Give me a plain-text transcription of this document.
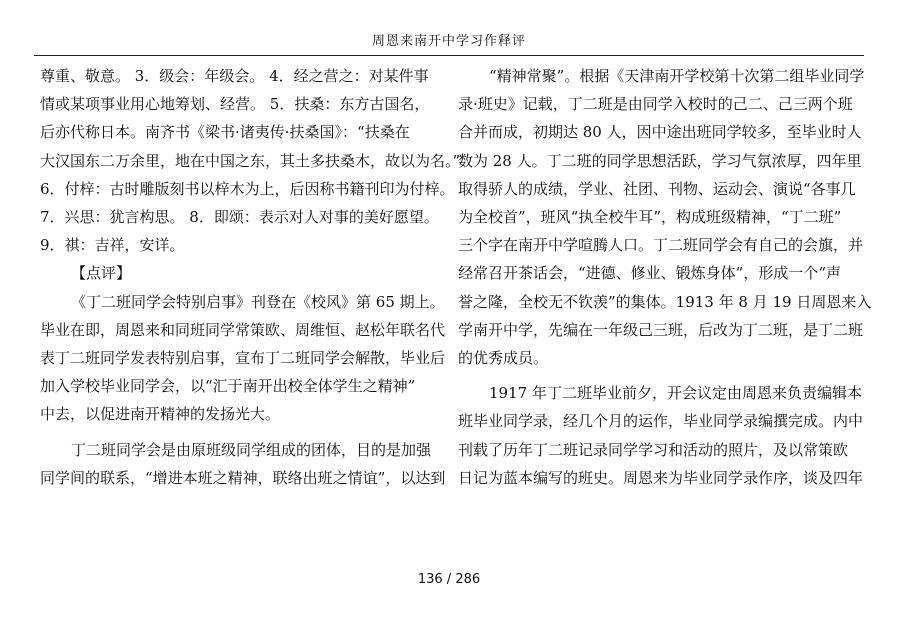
周恩来南开中学习作释评
尊重、敬意。 3．级会：年级会。 4．经之营之：对某件事
情或某项事业用心地筹划、经营。 5．扶桑：东方古国名，
后亦代称日本。南齐书《梁书·诸夷传·扶桑国》：“扶桑在
大汉国东二万余里，地在中国之东，其土多扶桑木，故以为名。”
6．付梓：古时雕版刻书以梓木为上，后因称书籍刊印为付梓。
7．兴思：犹言构思。 8．即颂：表示对人对事的美好愿望。
9．祺：吉祥，安详。
【点评】
《丁二班同学会特别启事》刊登在《校风》第 65 期上。
毕业在即，周恩来和同班同学常策欧、周维恒、赵松年联名代
表丁二班同学发表特别启事，宣布丁二班同学会解散，毕业后
加入学校毕业同学会，以“汇于南开出校全体学生之精神”
中去，以促进南开精神的发扬光大。
丁二班同学会是由原班级同学组成的团体，目的是加强
同学间的联系，“增进本班之精神，联络出班之情谊”，以达到
“精神常聚”。根据《天津南开学校第十次第二组毕业同学
录·班史》记载，丁二班是由同学入校时的己二、己三两个班
合并而成，初期达 80 人，因中途出班同学较多，至毕业时人
数为 28 人。丁二班的同学思想活跃，学习气氛浓厚，四年里
取得骄人的成绩，学业、社团、刊物、运动会、演说“各事几
为全校首”，班风“执全校牛耳”，构成班级精神，“丁二班”
三个字在南开中学喧腾人口。丁二班同学会有自己的会旗，并
经常召开茶话会，“进德、修业、锻炼身体”，形成一个“声
誉之隆，全校无不钦羡”的集体。1913 年 8 月 19 日周恩来入
学南开中学，先编在一年级己三班，后改为丁二班，是丁二班
的优秀成员。
1917 年丁二班毕业前夕，开会议定由周恩来负责编辑本
班毕业同学录，经几个月的运作，毕业同学录编撰完成。内中
刊载了历年丁二班记录同学学习和活动的照片，及以常策欧
日记为蓝本编写的班史。周恩来为毕业同学录作序，谈及四年
136 / 286
